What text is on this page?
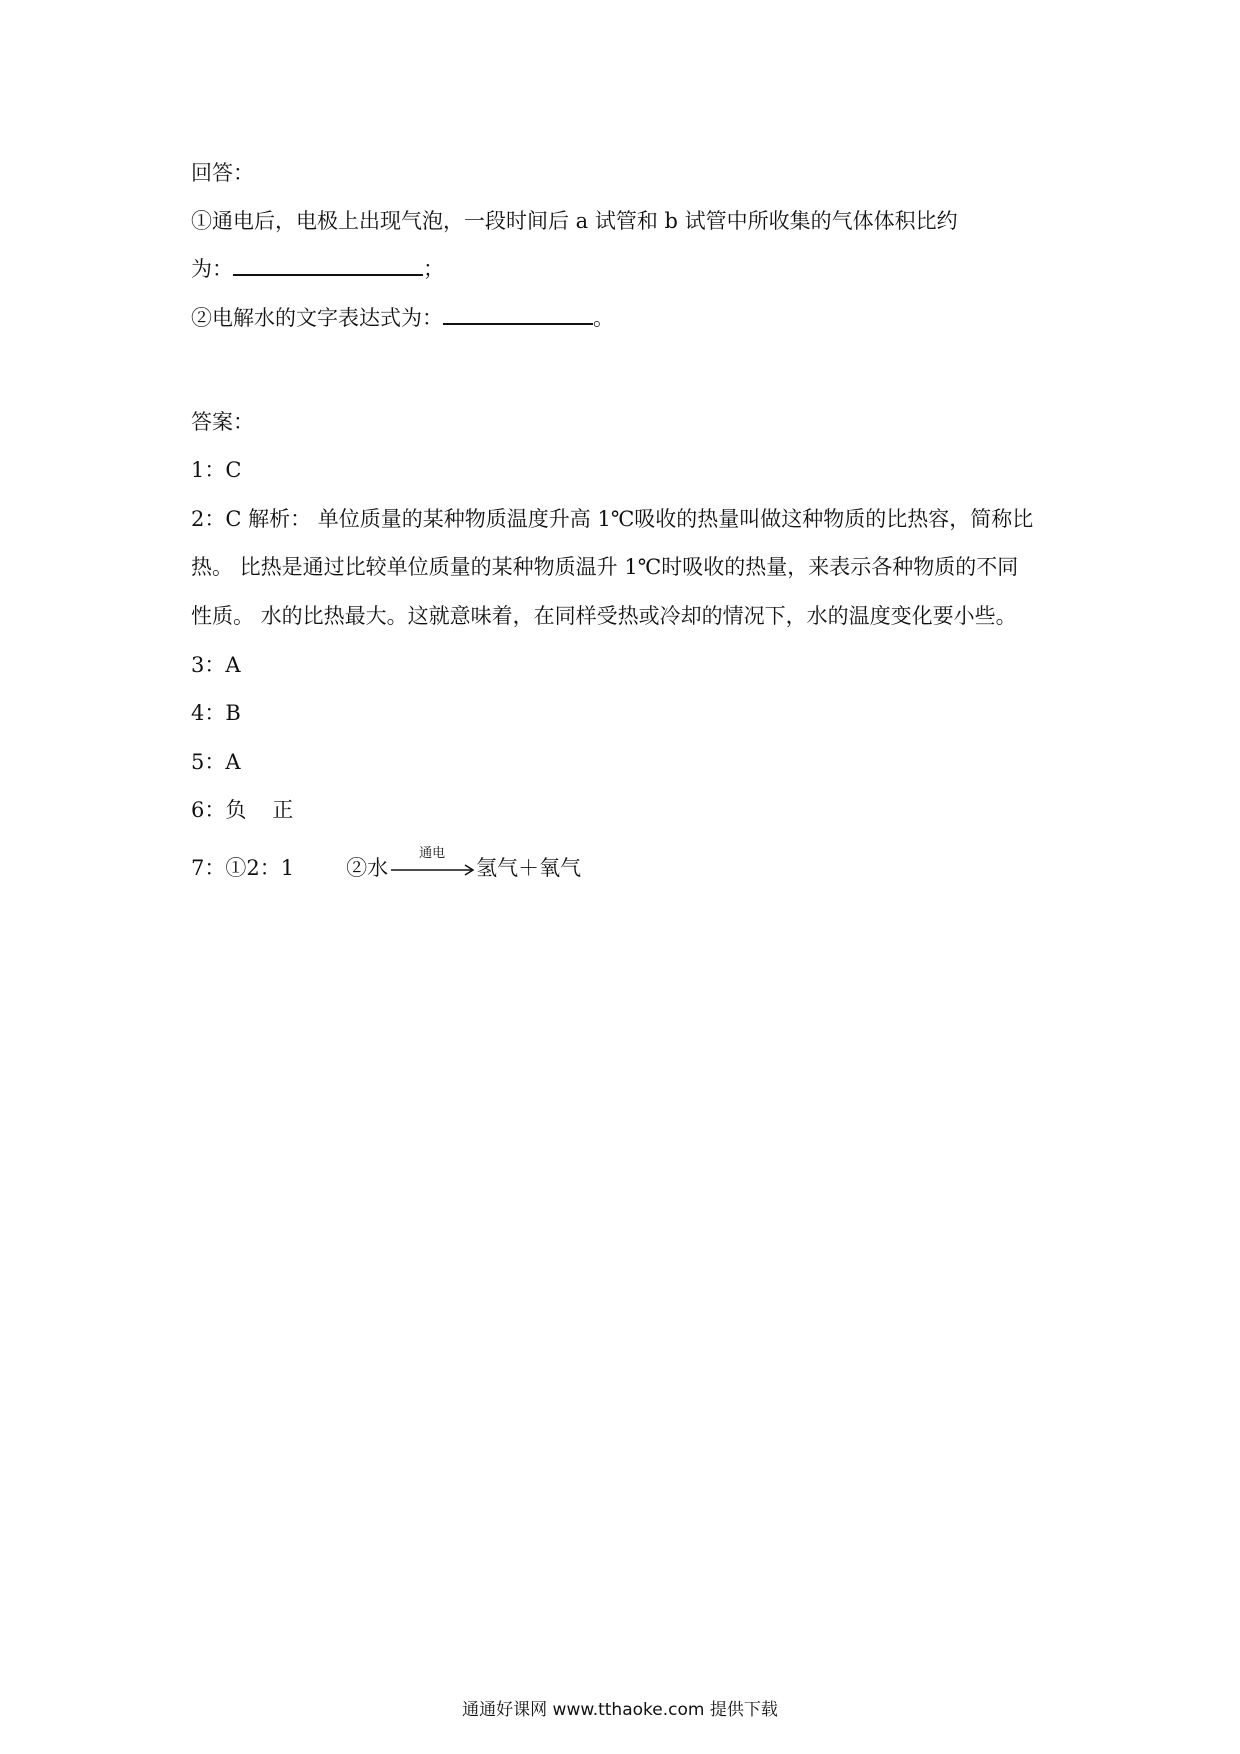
回答：
①通电后，电极上出现气泡，一段时间后 a 试管和 b 试管中所收集的气体体积比约
为：	；
②电解水的文字表达式为：	。
答案：
1：C
2：C 解析： 单位质量的某种物质温度升高 1℃吸收的热量叫做这种物质的比热容，简称比
热。 比热是通过比较单位质量的某种物质温升 1℃时吸收的热量，来表示各种物质的不同
性质。 水的比热最大。这就意味着，在同样受热或冷却的情况下，水的温度变化要小些。
3：A
4：B
5：A
6：负 正
7：①2：1 ②水
通电
氢气＋氧气
通通好课网 www.tthaoke.com 提供下载
